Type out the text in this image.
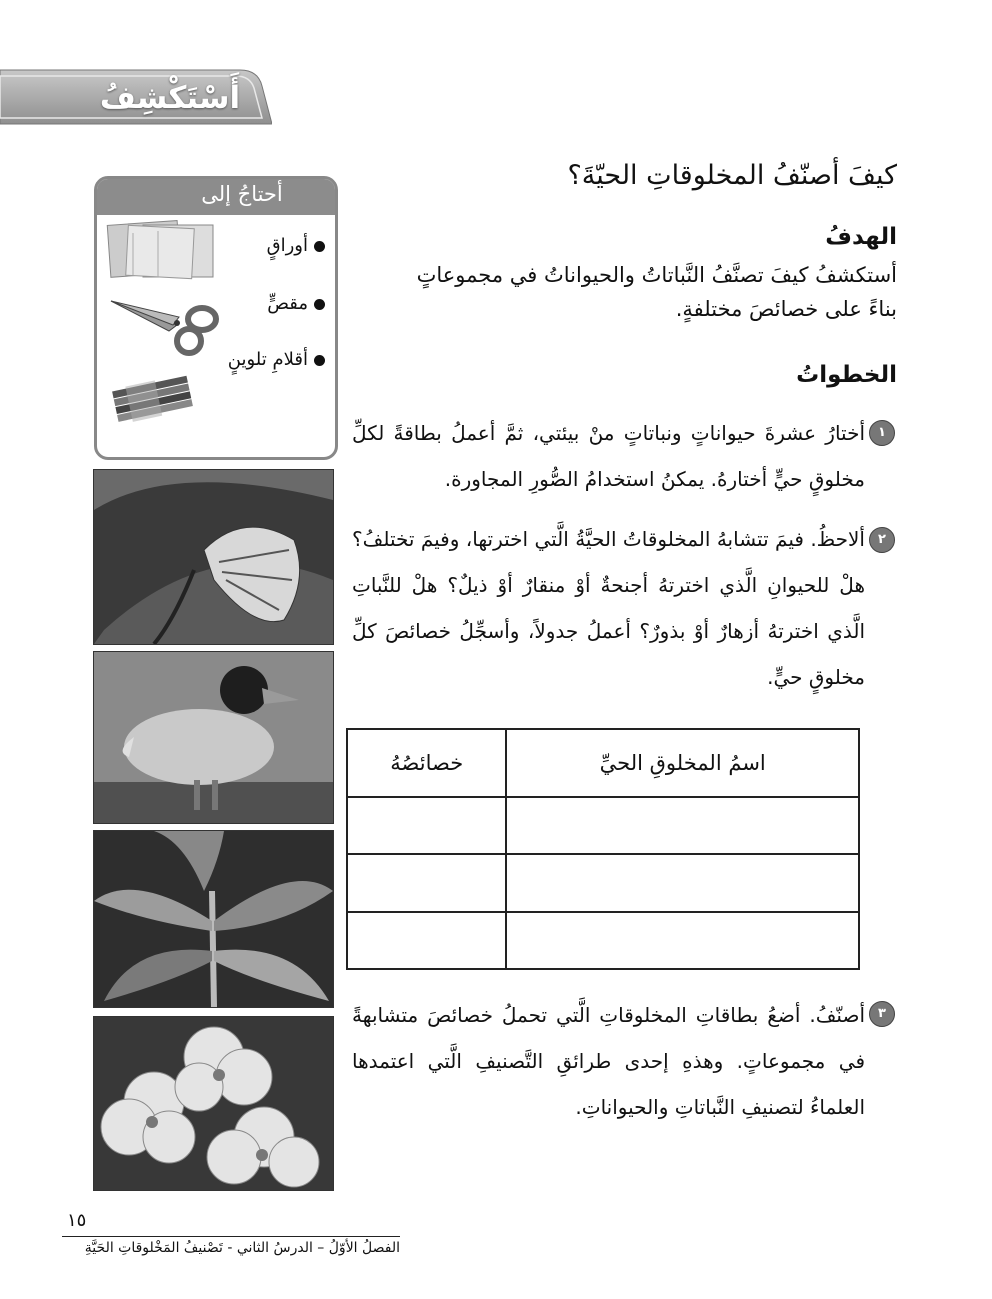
أَسْتَكْشِفُ
كيفَ أصنّفُ المخلوقاتِ الحيّةَ؟
الهدفُ
أستكشفُ كيفَ تصنَّفُ النَّباتاتُ والحيواناتُ في مجموعاتٍ
بناءً على خصائصَ مختلفةٍ.
الخطواتُ
١
أختارُ عشرةَ حيواناتٍ ونباتاتٍ منْ بيئتي، ثمَّ أعملُ بطاقةً لكلِّ مخلوقٍ حيٍّ أختارهُ. يمكنُ استخدامُ الصُّورِ المجاورة.
٢
ألاحظُ. فيمَ تتشابهُ المخلوقاتُ الحيَّةُ الَّتي اخترتها، وفيمَ تختلفُ؟ هلْ للحيوانِ الَّذي اخترتهُ أجنحةٌ أوْ منقارٌ أوْ ذيلٌ؟ هلْ للنَّباتِ الَّذي اخترتهُ أزهارٌ أوْ بذورٌ؟ أعملُ جدولاً، وأسجِّلُ خصائصَ كلِّ مخلوقٍ حيٍّ.
٣
أصنّفُ. أضعُ بطاقاتِ المخلوقاتِ الَّتي تحملُ خصائصَ متشابهةً في مجموعاتٍ. وهذهِ إحدى طرائقِ التَّصنيفِ الَّتي اعتمدها العلماءُ لتصنيفِ النَّباتاتِ والحيواناتِ.
اسمُ المخلوقِ الحيِّ	خصائصُهُ

أحتاجُ إلى
أوراقٍ
مقصٍّ
أقلامِ تلوينٍ
١٥
الفصلُ الأوّلُ – الدرسُ الثاني - تَصْنيفُ المَخْلوقاتِ الحَيَّةِ
